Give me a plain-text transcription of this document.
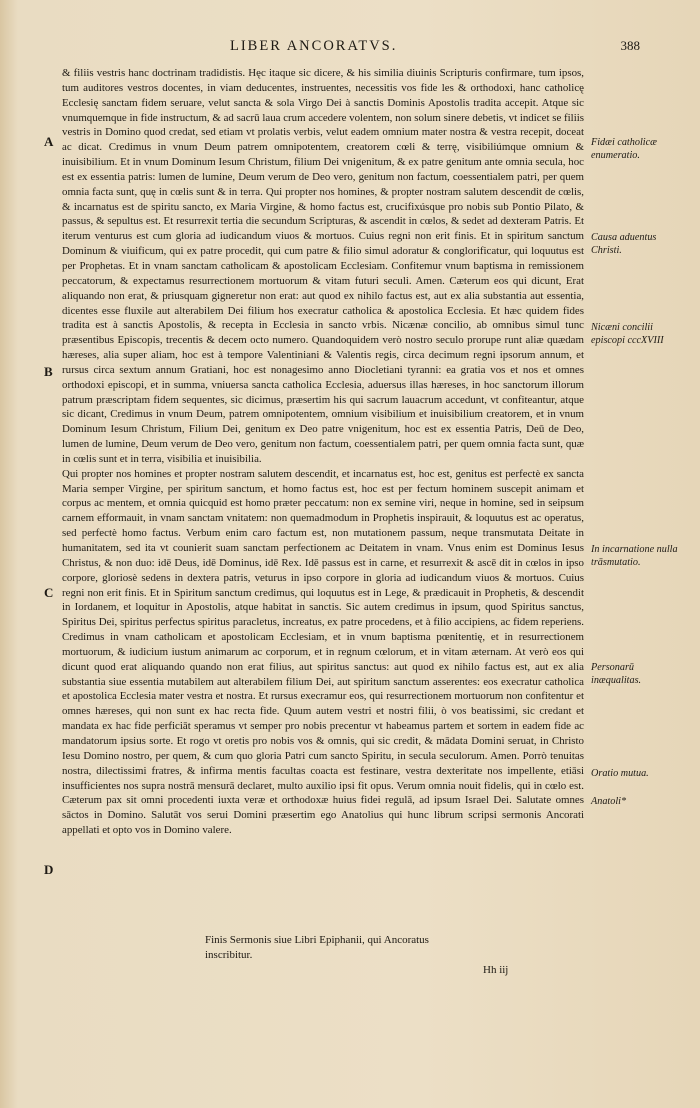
LIBER ANCORATVS.	388

& filiis vestris hanc doctrinam tradidistis. Hęc itaque sic dicere, & his similia diuinis Scripturis confirmare, tum ipsos, tum auditores vestros docentes, in viam deducentes, instruentes, necessitis vos fide les & orthodoxi, hanc catholicę Ecclesię sanctam fidem seruare, velut sancta & sola Virgo Dei à sanctis Dominis Apostolis tradita accepit. Atque sic vnumquemque in fide instructum, & ad sacrū laua crum accedere volentem, non solum sinere debetis, vt indicet se filiis vestris in Domino quod credat, sed etiam vt prolatis verbis, velut eadem omnium mater nostra & vestra recepit, doceat ac dicat. Credimus in vnum Deum patrem omnipotentem, creatorem cœli & terrę, visibiliúmque omnium & inuisibilium. Et in vnum Dominum Iesum Christum, filium Dei vnigenitum, & ex patre genitum ante omnia secula, hoc est ex essentia patris: lumen de lumine, Deum verum de Deo vero, genitum non factum, coessentialem patri, per quem omnia facta sunt, quę in cœlis sunt & in terra. Qui propter nos homines, & propter nostram salutem descendit de cœlis, & incarnatus est de spiritu sancto, ex Maria Virgine, & homo factus est, crucifixúsque pro nobis sub Pontio Pilato, & passus, & sepultus est. Et resurrexit tertia die secundum Scripturas, & ascendit in cœlos, & sedet ad dexteram Patris. Et iterum venturus est cum gloria ad iudicandum viuos & mortuos. Cuius regni non erit finis. Et in spiritum sanctum Dominum & viuificum, qui ex patre procedit, qui cum patre & filio simul adoratur & conglorificatur, qui loquutus est per Prophetas. Et in vnam sanctam catholicam & apostolicam Ecclesiam. Confitemur vnum baptisma in remissionem peccatorum, & expectamus resurrectionem mortuorum & vitam futuri seculi. Amen. Cæterum eos qui dicunt, Erat aliquando non erat, & priusquam gigneretur non erat: aut quod ex nihilo factus est, aut ex alia substantia aut essentia, dicentes esse fluxile aut alterabilem Dei filium hos execratur catholica & apostolica Ecclesia. Et hæc quidem fides tradita est à sanctis Apostolis, & recepta in Ecclesia in sancto vrbis. Nicænæ concilio, ab omnibus simul tunc præsentibus Episcopis, trecentis & decem octo numero. Quandoquidem verò nostro seculo prorupe runt aliæ quædam hæreses, alia super aliam, hoc est à tempore Valentiniani & Valentis regis, circa decimum regni ipsorum annum, et rursus circa sextum annum Gratiani, hoc est nonagesimo anno Diocletiani tyranni: ea gratia vos et nos et omnes orthodoxi episcopi, et in summa, vniuersa sancta catholica Ecclesia, aduersus illas hæreses, in hoc sanctorum illorum patrum præscriptam fidem sequentes, sic dicimus, præsertim his qui sacrum lauacrum accedunt, vt confiteantur, atque sic dicant, Credimus in vnum Deum, patrem omnipotentem, omnium visibilium et inuisibilium creatorem, et in vnum Dominum Iesum Christum, Filium Dei, genitum ex Deo patre vnigenitum, hoc est ex essentia Patris, Deū de Deo, lumen de lumine, Deum verum de Deo vero, genitum non factum, coessentialem patri, per quem omnia facta sunt, quæ in cœlis sunt et in terra, visibilia et inuisibilia.

Qui propter nos homines et propter nostram salutem descendit, et incarnatus est, hoc est, genitus est perfectè ex sancta Maria semper Virgine, per spiritum sanctum, et homo factus est, hoc est per fectum hominem suscepit animam et corpus ac mentem, et omnia quicquid est homo præter peccatum: non ex semine viri, neque in homine, sed in seipsum carnem efformauit, in vnam sanctam vnitatem: non quemadmodum in Prophetis inspirauit, & loquutus est ac operatus, sed perfectè homo factus. Verbum enim caro factum est, non mutationem passum, neque transmutata Deitate in humanitatem, sed ita vt counierit suam sanctam perfectionem ac Deitatem in vnam. Vnus enim est Dominus Iesus Christus, & non duo: idē Deus, idē Dominus, idē Rex. Idē passus est in carne, et resurrexit & ascē dit in cœlos in ipso corpore, gloriosè sedens in dextera patris, veturus in ipso corpore in gloria ad iudicandum viuos & mortuos. Cuius regni non erit finis. Et in Spiritum sanctum credimus, qui loquutus est in Lege, & prædicauit in Prophetis, & descendit in Iordanem, et loquitur in Apostolis, atque habitat in sanctis. Sic autem credimus in ipsum, quod Spiritus sanctus, Spiritus Dei, spiritus perfectus spiritus paracletus, increatus, ex patre procedens, et à filio accipiens, ac fidem reperiens. Credimus in vnam catholicam et apostolicam Ecclesiam, et in vnum baptisma pœnitentię, et in resurrectionem mortuorum, & iudicium iustum animarum ac corporum, et in regnum cœlorum, et in vitam æternam. At verò eos qui dicunt quod erat aliquando quando non erat filius, aut spiritus sanctus: aut quod ex nihilo factus est, aut ex alia substantia siue essentia mutabilem aut alterabilem filium Dei, aut spiritum sanctum asserentes: eos execratur catholica et apostolica Ecclesia mater vestra et nostra. Et rursus execramur eos, qui resurrectionem mortuorum non confitentur et omnes hæreses, qui non sunt ex hac recta fide. Quum autem vestri et nostri filii, ò vos beatissimi, sic credant et mandata ex hac fide perficiāt speramus vt semper pro nobis precentur vt habeamus partem et sortem in eadem fide ac mandatorum ipsius sorte. Et rogo vt oretis pro nobis vos & omnis, qui sic credit, & mādata Domini seruat, in Christo Iesu Domino nostro, per quem, & cum quo gloria Patri cum sancto Spiritu, in secula seculorum. Amen. Porrò tenuitas nostra, dilectissimi fratres, & infirma mentis facultas coacta est festinare, vestra dexteritate nos impellente, etiāsi insufficientes nos supra nostrā mensurā declaret, multo auxilio ipsi fit opus. Verum omnia nouit fidelis, qui in cœlo est. Cæterum pax sit omni procedenti iuxta veræ et orthodoxæ huius fidei regulā, ad ipsum Israel Dei. Salutate omnes sāctos in Domino. Salutāt vos serui Domini præsertim ego Anatolius qui hunc librum scripsi sermonis Ancorati appellati et opto vos in Domino valere.

A
B
C
D
Fidæi catholicæ enumeratio.
Causa aduentus Christi.
Nicæni concilii episcopi cccXVIII
In incarnatione nulla trāsmutatio.
Personarū inæqualitas.
Oratio mutua.
Anatoli*
Finis Sermonis siue Libri Epiphanii, qui Ancoratus inscribitur.
Hh iij
